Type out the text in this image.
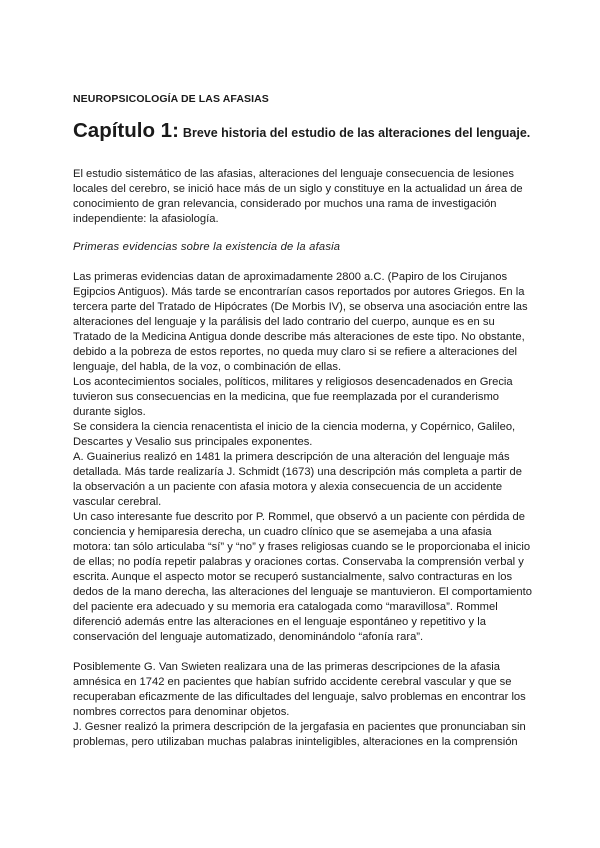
NEUROPSICOLOGÍA DE LAS AFASIAS
Capítulo 1: Breve historia del estudio de las alteraciones del lenguaje.
El estudio sistemático de las afasias, alteraciones del lenguaje consecuencia de lesiones
locales del cerebro, se inició hace más de un siglo y constituye en la actualidad un área de
conocimiento de gran relevancia, considerado por muchos una rama de investigación
independiente: la afasiología.
Primeras evidencias sobre la existencia de la afasia
Las primeras evidencias datan de aproximadamente 2800 a.C. (Papiro de los Cirujanos
Egipcios Antiguos). Más tarde se encontrarían casos reportados por autores Griegos. En la
tercera parte del Tratado de Hipócrates (De Morbis IV), se observa una asociación entre las
alteraciones del lenguaje y la parálisis del lado contrario del cuerpo, aunque es en su
Tratado de la Medicina Antigua donde describe más alteraciones de este tipo. No obstante,
debido a la pobreza de estos reportes, no queda muy claro si se refiere a alteraciones del
lenguaje, del habla, de la voz, o combinación de ellas.
Los acontecimientos sociales, políticos, militares y religiosos desencadenados en Grecia
tuvieron sus consecuencias en la medicina, que fue reemplazada por el curanderismo
durante siglos.
Se considera la ciencia renacentista el inicio de la ciencia moderna, y Copérnico, Galileo,
Descartes y Vesalio sus principales exponentes.
A. Guainerius realizó en 1481 la primera descripción de una alteración del lenguaje más
detallada. Más tarde realizaría J. Schmidt (1673) una descripción más completa a partir de
la observación a un paciente con afasia motora y alexia consecuencia de un accidente
vascular cerebral.
Un caso interesante fue descrito por P. Rommel, que observó a un paciente con pérdida de
conciencia y hemiparesia derecha, un cuadro clínico que se asemejaba a una afasia
motora: tan sólo articulaba “sí” y “no” y frases religiosas cuando se le proporcionaba el inicio
de ellas; no podía repetir palabras y oraciones cortas. Conservaba la comprensión verbal y
escrita. Aunque el aspecto motor se recuperó sustancialmente, salvo contracturas en los
dedos de la mano derecha, las alteraciones del lenguaje se mantuvieron. El comportamiento
del paciente era adecuado y su memoria era catalogada como “maravillosa”. Rommel
diferenció además entre las alteraciones en el lenguaje espontáneo y repetitivo y la
conservación del lenguaje automatizado, denominándolo “afonía rara”.
Posiblemente G. Van Swieten realizara una de las primeras descripciones de la afasia
amnésica en 1742 en pacientes que habían sufrido accidente cerebral vascular y que se
recuperaban eficazmente de las dificultades del lenguaje, salvo problemas en encontrar los
nombres correctos para denominar objetos.
J. Gesner realizó la primera descripción de la jergafasia en pacientes que pronunciaban sin
problemas, pero utilizaban muchas palabras ininteligibles, alteraciones en la comprensión
